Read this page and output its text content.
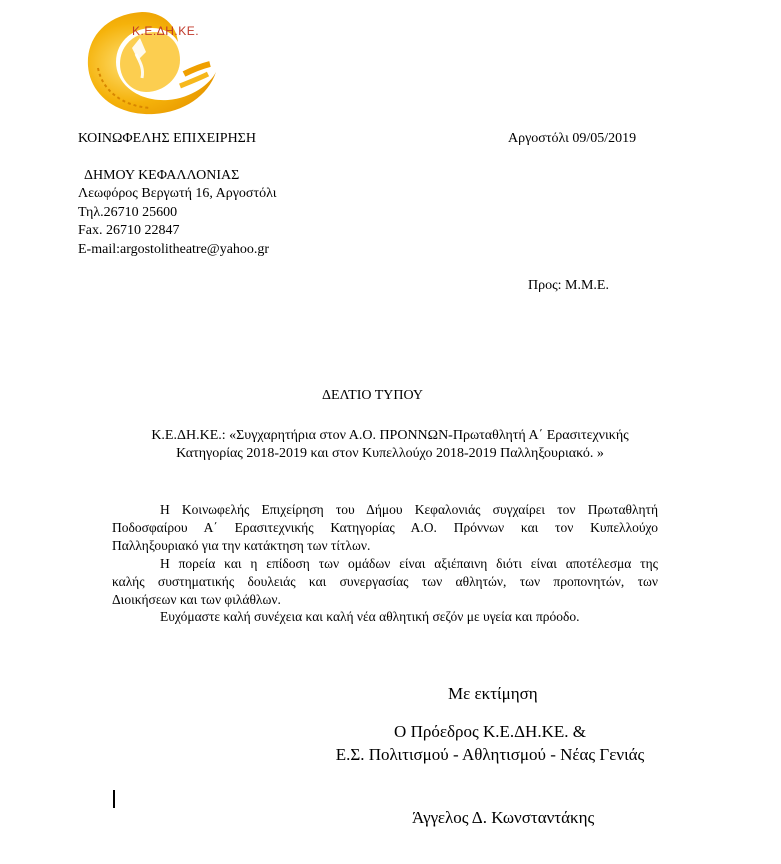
Κ.Ε.ΔΗ.ΚΕ.
ΚΟΙΝΩΦΕΛΗΣ ΕΠΙΧΕΙΡΗΣΗ	Αργοστόλι 09/05/2019
ΔΗΜΟΥ ΚΕΦΑΛΛΟΝΙΑΣ
Λεωφόρος Βεργωτή 16, Αργοστόλι
Τηλ.26710 25600
Fax. 26710 22847
E-mail:argostolitheatre@yahoo.gr
Προς: Μ.Μ.Ε.
ΔΕΛΤΙΟ ΤΥΠΟΥ
Κ.Ε.ΔΗ.ΚΕ.: «Συγχαρητήρια στον Α.Ο. ΠΡΟΝΝΩΝ-Πρωταθλητή Α΄ Ερασιτεχνικής
Κατηγορίας 2018-2019 και στον Κυπελλούχο 2018-2019 Παλληξουριακό. »
Η Κοινωφελής Επιχείρηση του Δήμου Κεφαλονιάς συγχαίρει τον Πρωταθλητή
Ποδοσφαίρου Α΄ Ερασιτεχνικής Κατηγορίας Α.Ο. Πρόννων και τον Κυπελλούχο
Παλληξουριακό για την κατάκτηση των τίτλων.
Η πορεία και η επίδοση των ομάδων είναι αξιέπαινη διότι είναι αποτέλεσμα της
καλής συστηματικής δουλειάς και συνεργασίας των αθλητών, των προπονητών, των
Διοικήσεων και των φιλάθλων.
Ευχόμαστε καλή συνέχεια και καλή νέα αθλητική σεζόν με υγεία και πρόοδο.
Με εκτίμηση
Ο Πρόεδρος Κ.Ε.ΔΗ.ΚΕ. &
Ε.Σ. Πολιτισμού - Αθλητισμού - Νέας Γενιάς
Άγγελος Δ. Κωνσταντάκης
